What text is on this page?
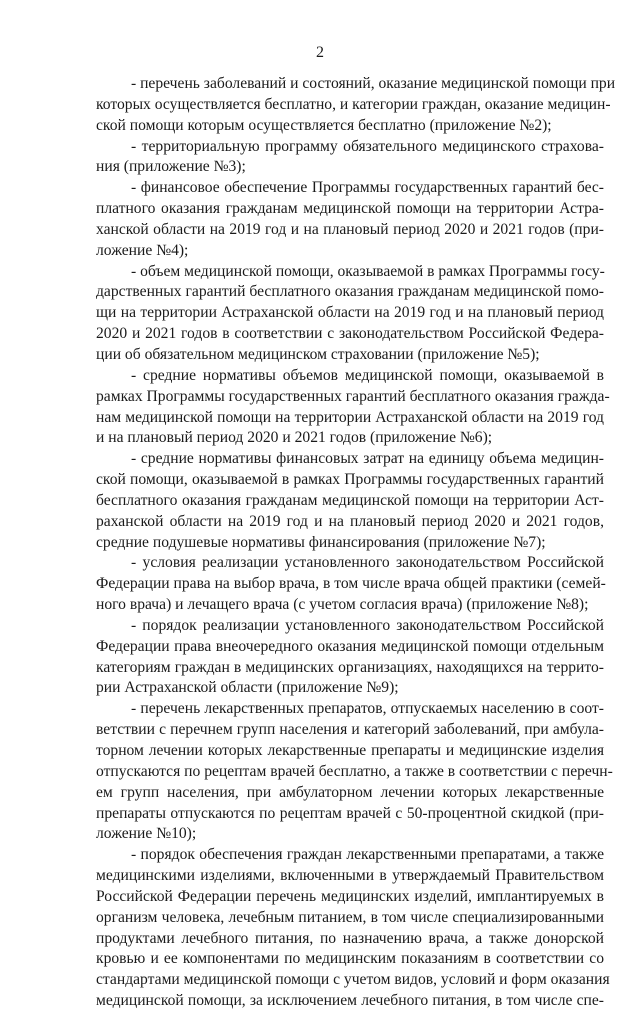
2
- перечень заболеваний и состояний, оказание медицинской помощи при
которых осуществляется бесплатно, и категории граждан, оказание медицин-
ской помощи которым осуществляется бесплатно (приложение №2);
- территориальную программу обязательного медицинского страхова-
ния (приложение №3);
- финансовое обеспечение Программы государственных гарантий бес-
платного оказания гражданам медицинской помощи на территории Астра-
ханской области на 2019 год и на плановый период 2020 и 2021 годов (при-
ложение №4);
- объем медицинской помощи, оказываемой в рамках Программы госу-
дарственных гарантий бесплатного оказания гражданам медицинской помо-
щи на территории Астраханской области на 2019 год и на плановый период
2020 и 2021 годов в соответствии с законодательством Российской Федера-
ции об обязательном медицинском страховании (приложение №5);
- средние нормативы объемов медицинской помощи, оказываемой в
рамках Программы государственных гарантий бесплатного оказания гражда-
нам медицинской помощи на территории Астраханской области на 2019 год
и на плановый период 2020 и 2021 годов (приложение №6);
- средние нормативы финансовых затрат на единицу объема медицин-
ской помощи, оказываемой в рамках Программы государственных гарантий
бесплатного оказания гражданам медицинской помощи на территории Аст-
раханской области на 2019 год и на плановый период 2020 и 2021 годов,
средние подушевые нормативы финансирования (приложение №7);
- условия реализации установленного законодательством Российской
Федерации права на выбор врача, в том числе врача общей практики (семей-
ного врача) и лечащего врача (с учетом согласия врача) (приложение №8);
- порядок реализации установленного законодательством Российской
Федерации права внеочередного оказания медицинской помощи отдельным
категориям граждан в медицинских организациях, находящихся на террито-
рии Астраханской области (приложение №9);
- перечень лекарственных препаратов, отпускаемых населению в соот-
ветствии с перечнем групп населения и категорий заболеваний, при амбула-
торном лечении которых лекарственные препараты и медицинские изделия
отпускаются по рецептам врачей бесплатно, а также в соответствии с перечн-
ем групп населения, при амбулаторном лечении которых лекарственные
препараты отпускаются по рецептам врачей с 50-процентной скидкой (при-
ложение №10);
- порядок обеспечения граждан лекарственными препаратами, а также
медицинскими изделиями, включенными в утверждаемый Правительством
Российской Федерации перечень медицинских изделий, имплантируемых в
организм человека, лечебным питанием, в том числе специализированными
продуктами лечебного питания, по назначению врача, а также донорской
кровью и ее компонентами по медицинским показаниям в соответствии со
стандартами медицинской помощи с учетом видов, условий и форм оказания
медицинской помощи, за исключением лечебного питания, в том числе спе-
